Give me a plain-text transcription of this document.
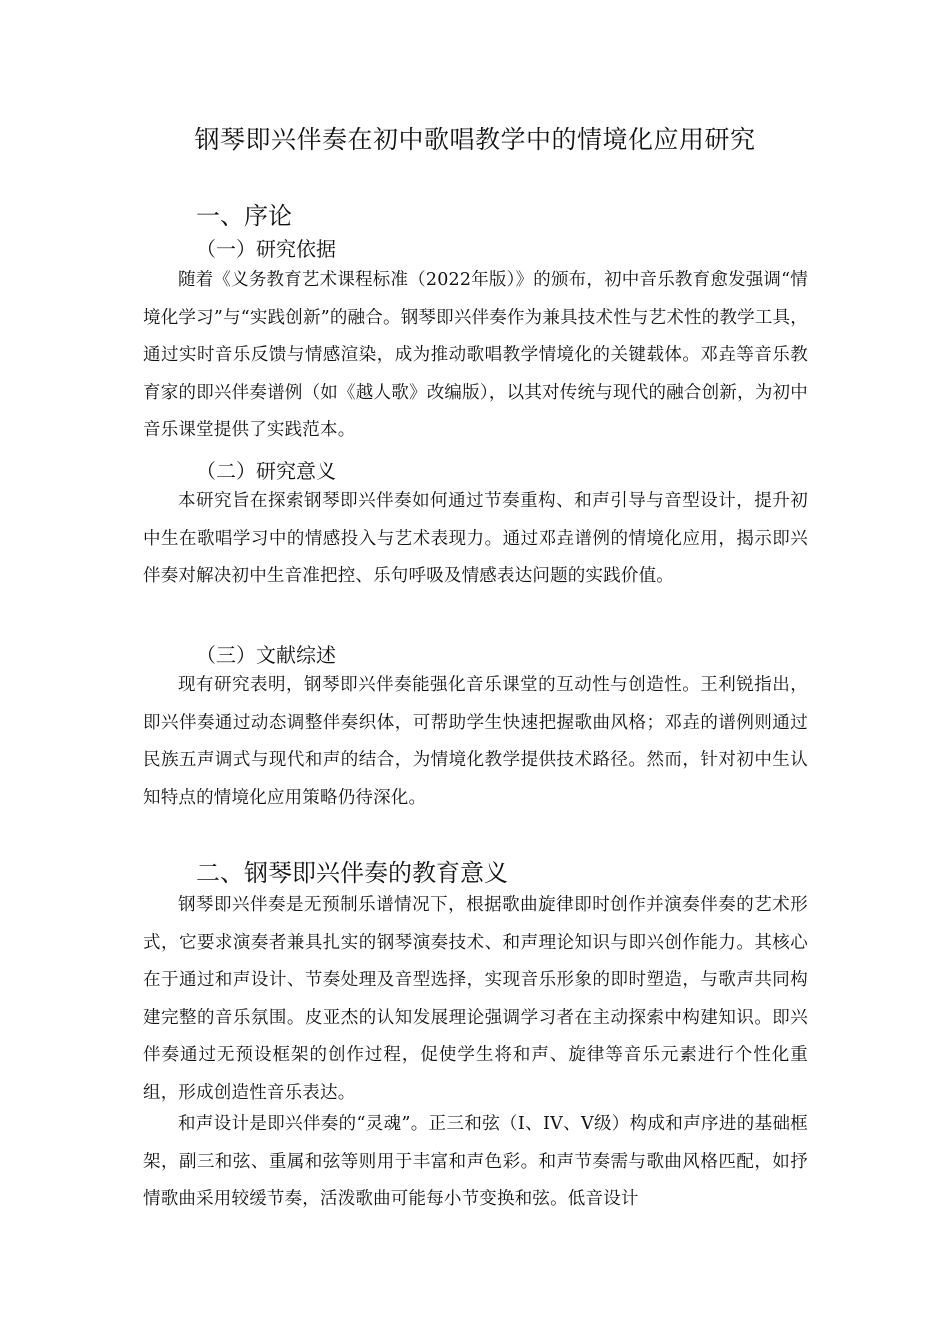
钢琴即兴伴奏在初中歌唱教学中的情境化应用研究
一、序论
（一）研究依据

随着《义务教育艺术课程标准（2022年版）》的颁布，初中音乐教育愈发强调“情境化学习”与“实践创新”的融合。钢琴即兴伴奏作为兼具技术性与艺术性的教学工具，通过实时音乐反馈与情感渲染，成为推动歌唱教学情境化的关键载体。邓垚等音乐教育家的即兴伴奏谱例（如《越人歌》改编版），以其对传统与现代的融合创新，为初中音乐课堂提供了实践范本。

（二）研究意义

本研究旨在探索钢琴即兴伴奏如何通过节奏重构、和声引导与音型设计，提升初中生在歌唱学习中的情感投入与艺术表现力。通过邓垚谱例的情境化应用，揭示即兴伴奏对解决初中生音准把控、乐句呼吸及情感表达问题的实践价值。

（三）文献综述

现有研究表明，钢琴即兴伴奏能强化音乐课堂的互动性与创造性。王利锐指出，即兴伴奏通过动态调整伴奏织体，可帮助学生快速把握歌曲风格；邓垚的谱例则通过民族五声调式与现代和声的结合，为情境化教学提供技术路径。然而，针对初中生认知特点的情境化应用策略仍待深化。

二、钢琴即兴伴奏的教育意义

钢琴即兴伴奏是无预制乐谱情况下，根据歌曲旋律即时创作并演奏伴奏的艺术形式，它要求演奏者兼具扎实的钢琴演奏技术、和声理论知识与即兴创作能力。其核心在于通过和声设计、节奏处理及音型选择，实现音乐形象的即时塑造，与歌声共同构建完整的音乐氛围。皮亚杰的认知发展理论强调学习者在主动探索中构建知识。即兴伴奏通过无预设框架的创作过程，促使学生将和声、旋律等音乐元素进行个性化重组，形成创造性音乐表达。

和声设计是即兴伴奏的“灵魂”。正三和弦（I、IV、V级）构成和声序进的基础框架，副三和弦、重属和弦等则用于丰富和声色彩。和声节奏需与歌曲风格匹配，如抒情歌曲采用较缓节奏，活泼歌曲可能每小节变换和弦。低音设计
